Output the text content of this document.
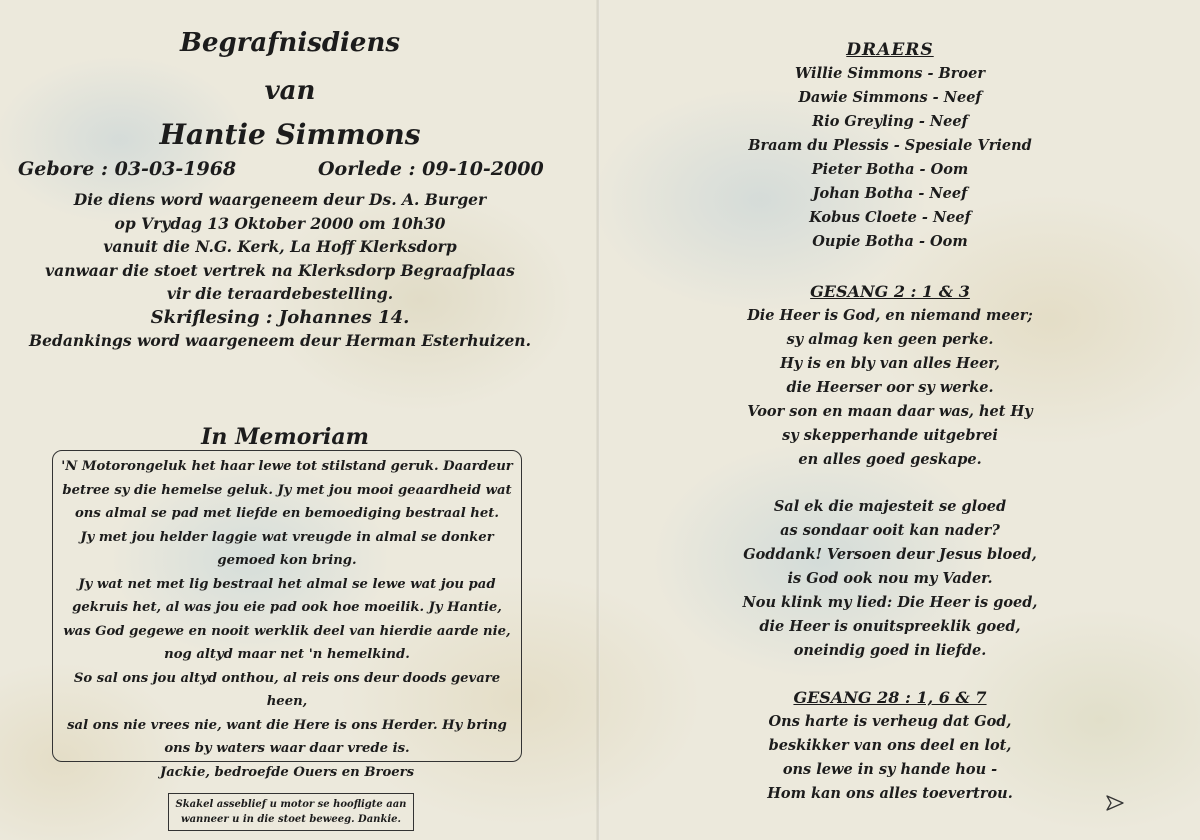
Begrafnisdiens
van
Hantie Simmons
Gebore : 03-03-1968	Oorlede : 09-10-2000
Die diens word waargeneem deur Ds. A. Burger
op Vrydag 13 Oktober 2000 om 10h30
vanuit die N.G. Kerk, La Hoff Klerksdorp
vanwaar die stoet vertrek na Klerksdorp Begraafplaas
vir die teraardebestelling.
Skriflesing : Johannes 14.
Bedankings word waargeneem deur Herman Esterhuizen.
In Memoriam
'N Motorongeluk het haar lewe tot stilstand geruk. Daardeur
betree sy die hemelse geluk. Jy met jou mooi geaardheid wat
ons almal se pad met liefde en bemoediging bestraal het.
Jy met jou helder laggie wat vreugde in almal se donker
gemoed kon bring.
Jy wat net met lig bestraal het almal se lewe wat jou pad
gekruis het, al was jou eie pad ook hoe moeilik. Jy Hantie,
was God gegewe en nooit werklik deel van hierdie aarde nie,
nog altyd maar net 'n hemelkind.
So sal ons jou altyd onthou, al reis ons deur doods gevare heen,
sal ons nie vrees nie, want die Here is ons Herder. Hy bring
ons by waters waar daar vrede is.
Jackie, bedroefde Ouers en Broers
Skakel asseblief u motor se hoofligte aan
wanneer u in die stoet beweeg. Dankie.
DRAERS
Willie Simmons - Broer
Dawie Simmons - Neef
Rio Greyling - Neef
Braam du Plessis - Spesiale Vriend
Pieter Botha - Oom
Johan Botha - Neef
Kobus Cloete - Neef
Oupie Botha - Oom
GESANG 2 : 1 & 3
Die Heer is God, en niemand meer;
sy almag ken geen perke.
Hy is en bly van alles Heer,
die Heerser oor sy werke.
Voor son en maan daar was, het Hy
sy skepperhande uitgebrei
en alles goed geskape.
Sal ek die majesteit se gloed
as sondaar ooit kan nader?
Goddank! Versoen deur Jesus bloed,
is God ook nou my Vader.
Nou klink my lied: Die Heer is goed,
die Heer is onuitspreeklik goed,
oneindig goed in liefde.
GESANG 28 : 1, 6 & 7
Ons harte is verheug dat God,
beskikker van ons deel en lot,
ons lewe in sy hande hou -
Hom kan ons alles toevertrou.
